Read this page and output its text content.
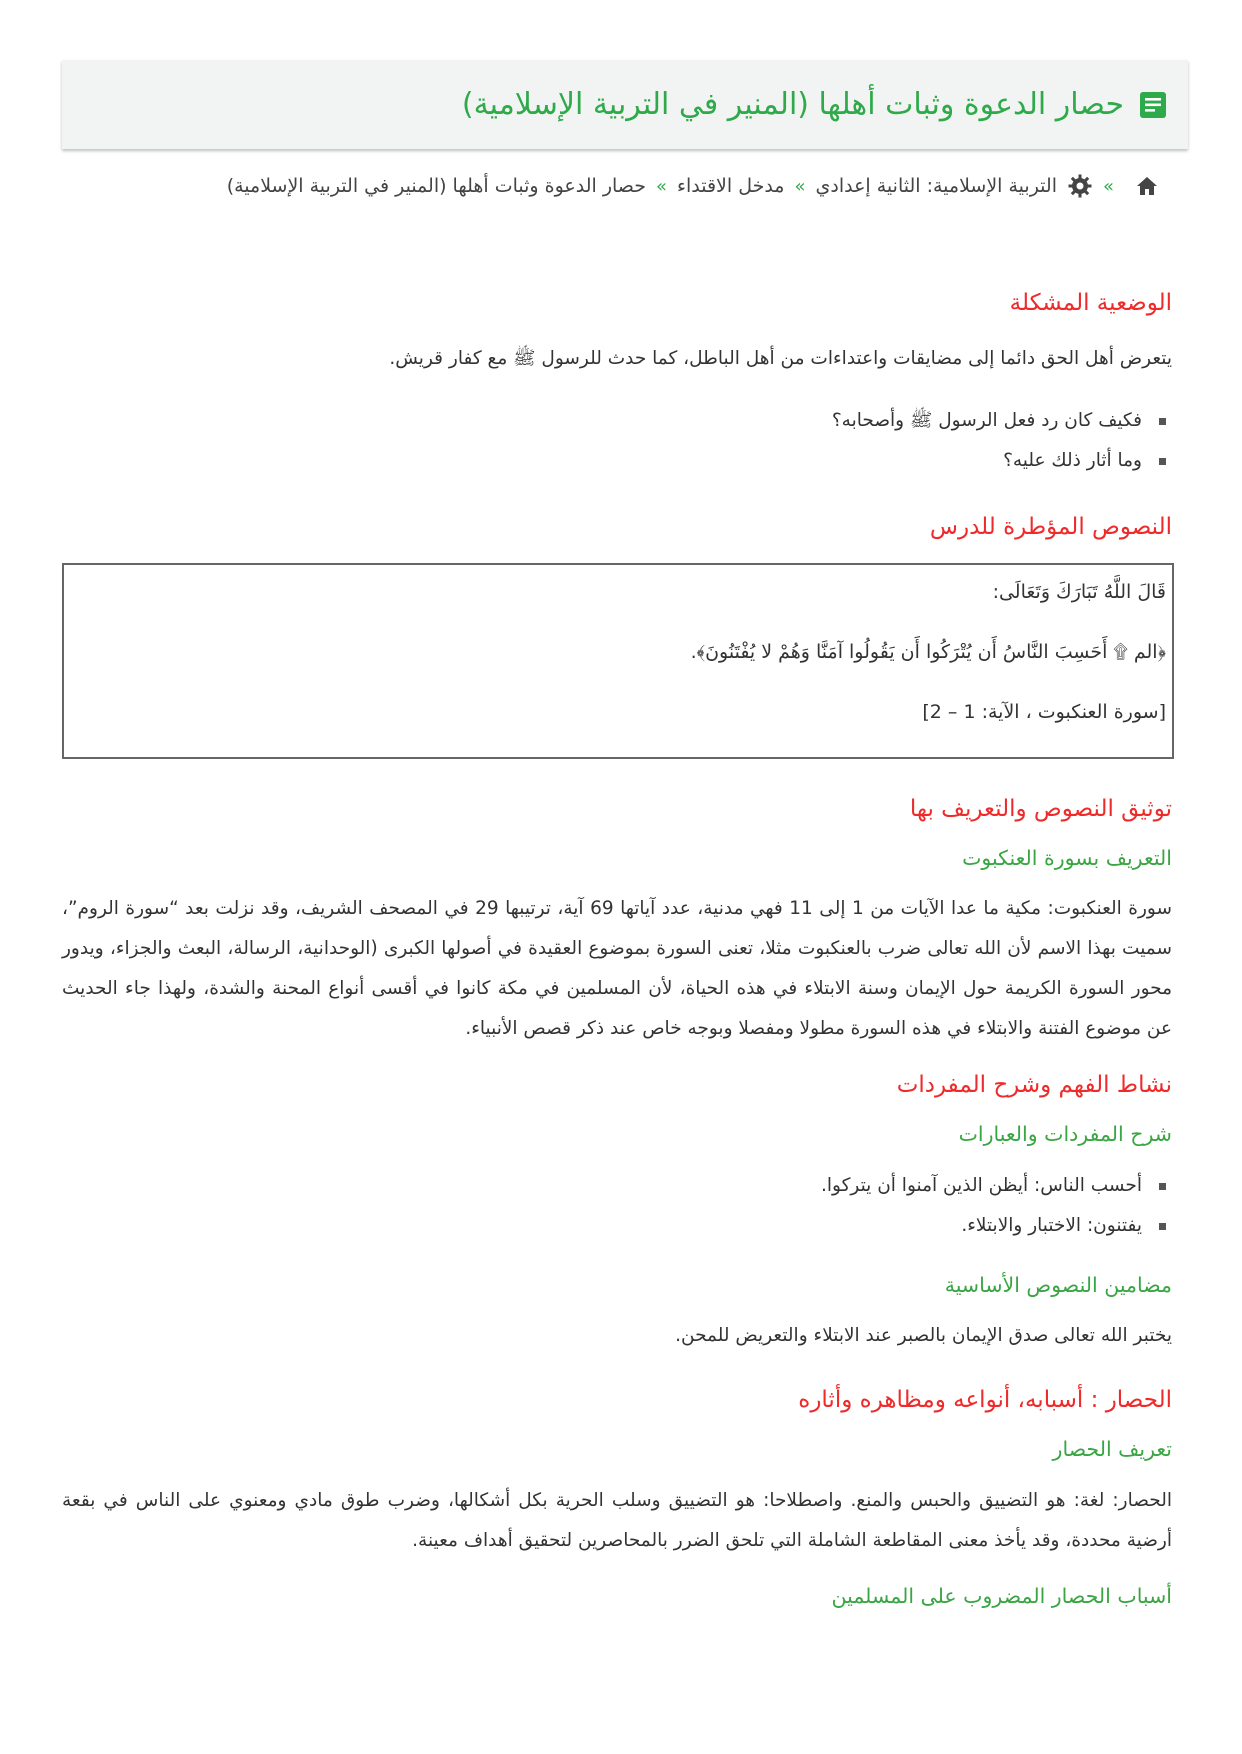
حصار الدعوة وثبات أهلها (المنير في التربية الإسلامية)
»
التربية الإسلامية: الثانية إعدادي
»
مدخل الاقتداء
»
حصار الدعوة وثبات أهلها (المنير في التربية الإسلامية)
الوضعية المشكلة

يتعرض أهل الحق دائما إلى مضايقات واعتداءات من أهل الباطل، كما حدث للرسول ﷺ مع كفار قريش.

فكيف كان رد فعل الرسول ﷺ وأصحابه؟
وما أثار ذلك عليه؟
النصوص المؤطرة للدرس
قَالَ اللَّهُ تَبَارَكَ وَتَعَالَى:
﴿الم ۩ أَحَسِبَ النَّاسُ أَن يُتْرَكُوا أَن يَقُولُوا آمَنَّا وَهُمْ لا يُفْتَنُونَ﴾.
[سورة العنكبوت ، الآية: 1 – 2]
توثيق النصوص والتعريف بها
التعريف بسورة العنكبوت

سورة العنكبوت: مكية ما عدا الآيات من 1 إلى 11 فهي مدنية، عدد آياتها 69 آية، ترتيبها 29 في المصحف الشريف، وقد نزلت بعد “سورة الروم”، سميت بهذا الاسم لأن الله تعالى ضرب بالعنكبوت مثلا، تعنى السورة بموضوع العقيدة في أصولها الكبرى (الوحدانية، الرسالة، البعث والجزاء، ويدور محور السورة الكريمة حول الإيمان وسنة الابتلاء في هذه الحياة، لأن المسلمين في مكة كانوا في أقسى أنواع المحنة والشدة، ولهذا جاء الحديث عن موضوع الفتنة والابتلاء في هذه السورة مطولا ومفصلا وبوجه خاص عند ذكر قصص الأنبياء.

نشاط الفهم وشرح المفردات
شرح المفردات والعبارات
أحسب الناس: أيظن الذين آمنوا أن يتركوا.
يفتنون: الاختبار والابتلاء.
مضامين النصوص الأساسية

يختبر الله تعالى صدق الإيمان بالصبر عند الابتلاء والتعريض للمحن.

الحصار : أسبابه، أنواعه ومظاهره وأثاره
تعريف الحصار

الحصار: لغة: هو التضييق والحبس والمنع. واصطلاحا: هو التضييق وسلب الحرية بكل أشكالها، وضرب طوق مادي ومعنوي على الناس في بقعة أرضية محددة، وقد يأخذ معنى المقاطعة الشاملة التي تلحق الضرر بالمحاصرين لتحقيق أهداف معينة.

أسباب الحصار المضروب على المسلمين
